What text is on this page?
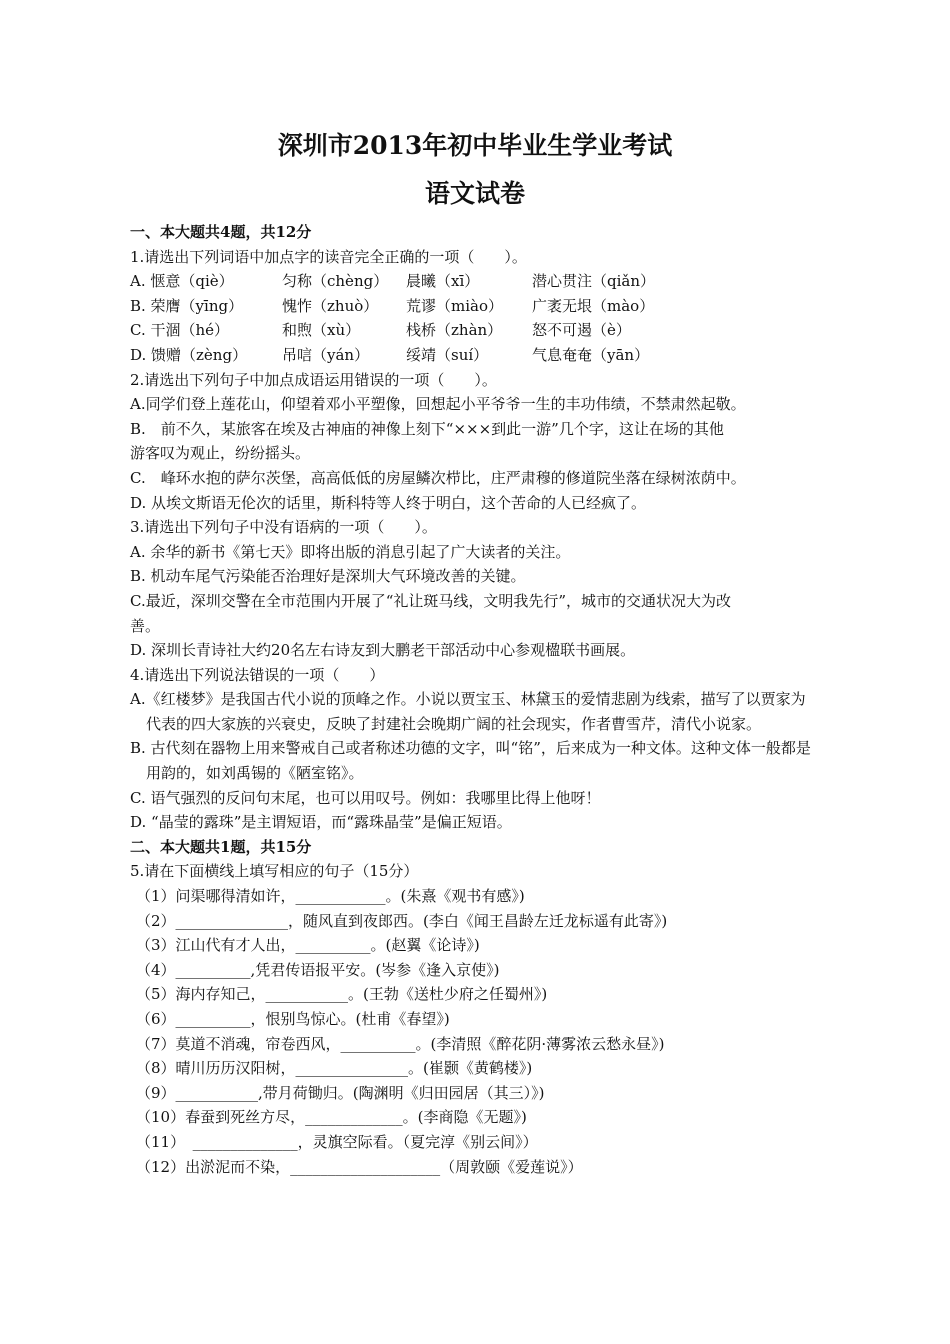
深圳市2013年初中毕业生学业考试
语文试卷
一、本大题共4题，共12分
1.请选出下列词语中加点字的读音完全正确的一项（　　）。
A. 惬意（qiè）	匀称（chèng）	晨曦（xī）	潜心贯注（qiǎn）
B. 荣膺（yīng）	愧怍（zhuò）	荒谬（miào）	广袤无垠（mào）
C. 干涸（hé）	和煦（xù）	栈桥（zhàn）	怒不可遏（è）
D. 馈赠（zèng）	吊唁（yán）	绥靖（suí）	气息奄奄（yān）
2.请选出下列句子中加点成语运用错误的一项（　　）。
A.同学们登上莲花山，仰望着邓小平塑像，回想起小平爷爷一生的丰功伟绩，不禁肃然起敬。
B.　前不久，某旅客在埃及古神庙的神像上刻下“×××到此一游”几个字，这让在场的其他
游客叹为观止，纷纷摇头。
C.　峰环水抱的萨尔茨堡，高高低低的房屋鳞次栉比，庄严肃穆的修道院坐落在绿树浓荫中。
D. 从埃文斯语无伦次的话里，斯科特等人终于明白，这个苦命的人已经疯了。
3.请选出下列句子中没有语病的一项（　　）。
A. 余华的新书《第七天》即将出版的消息引起了广大读者的关注。
B. 机动车尾气污染能否治理好是深圳大气环境改善的关键。
C.最近，深圳交警在全市范围内开展了“礼让斑马线，文明我先行”，城市的交通状况大为改
善。
D. 深圳长青诗社大约20名左右诗友到大鹏老干部活动中心参观楹联书画展。
4.请选出下列说法错误的一项（　　）
A.《红楼梦》是我国古代小说的顶峰之作。小说以贾宝玉、林黛玉的爱情悲剧为线索，描写了以贾家为代表的四大家族的兴衰史，反映了封建社会晚期广阔的社会现实，作者曹雪芹，清代小说家。
B. 古代刻在器物上用来警戒自己或者称述功德的文字，叫“铭”，后来成为一种文体。这种文体一般都是用韵的，如刘禹锡的《陋室铭》。
C. 语气强烈的反问句末尾，也可以用叹号。例如：我哪里比得上他呀！
D. “晶莹的露珠”是主谓短语，而“露珠晶莹”是偏正短语。
二、本大题共1题，共15分
5.请在下面横线上填写相应的句子（15分）
（1）问渠哪得清如许，____________。(朱熹《观书有感》)
（2）_______________，随风直到夜郎西。(李白《闻王昌龄左迁龙标遥有此寄》)
（3）江山代有才人出，__________。(赵翼《论诗》)
（4）__________,凭君传语报平安。(岑参《逢入京使》)
（5）海内存知己，___________。(王勃《送杜少府之任蜀州》)
（6）__________，恨别鸟惊心。(杜甫《春望》)
（7）莫道不消魂，帘卷西风，__________。(李清照《醉花阴·薄雾浓云愁永昼》)
（8）晴川历历汉阳树，_______________。(崔颢《黄鹤楼》)
（9）___________,带月荷锄归。(陶渊明《归田园居（其三）》)
（10）春蚕到死丝方尽，_____________。(李商隐《无题》)
（11）　______________，灵旗空际看。（夏完淳《别云间》）
（12）出淤泥而不染，____________________（周敦颐《爱莲说》）
